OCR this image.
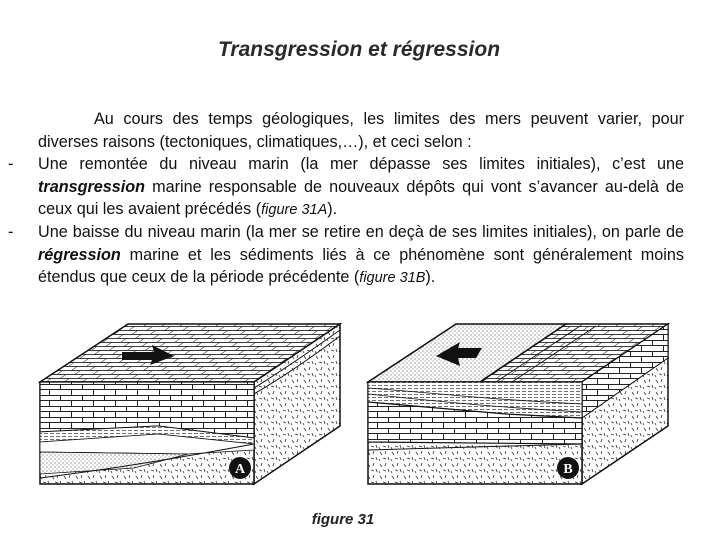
Transgression et régression
Au cours des temps géologiques, les limites des mers peuvent varier, pour diverses raisons (tectoniques, climatiques,…), et ceci selon :
- Une remontée du niveau marin (la mer dépasse ses limites initiales), c’est une transgression marine responsable de nouveaux dépôts qui vont s’avancer au-delà de ceux qui les avaient précédés (figure 31A).
- Une baisse du niveau marin (la mer se retire en deçà de ses limites initiales), on parle de régression marine et les sédiments liés à ce phénomène sont généralement moins étendus que ceux de la période précédente (figure 31B).
A	B
figure 31
